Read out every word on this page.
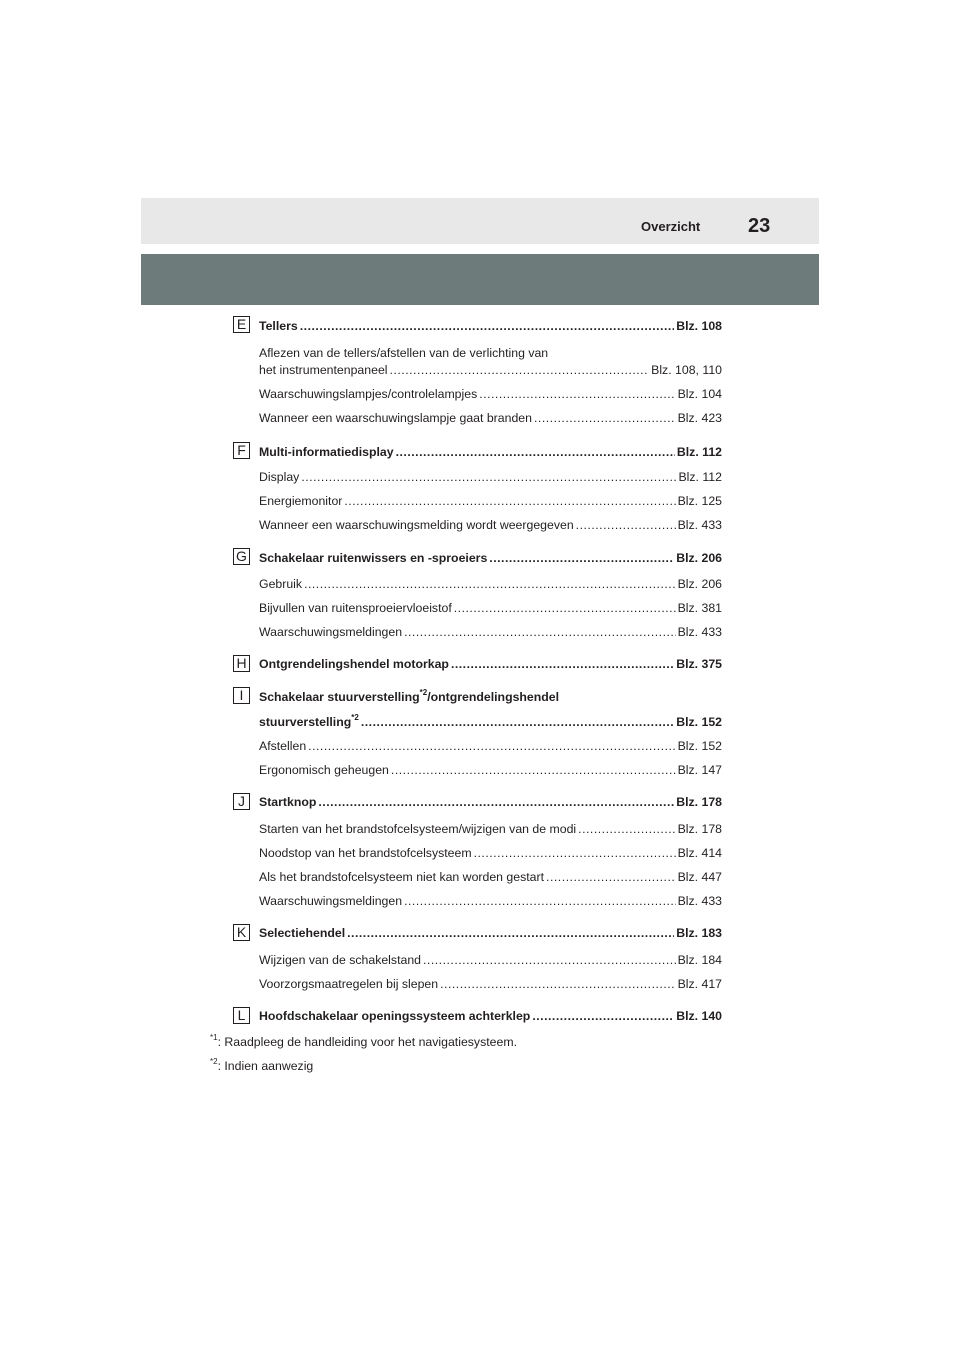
Overzicht 23
E	Tellers .....	Blz. 108
Aflezen van de tellers/afstellen van de verlichting van
het instrumentenpaneel .....	Blz. 108, 110
Waarschuwingslampjes/controlelampjes .....	Blz. 104
Wanneer een waarschuwingslampje gaat branden .....	Blz. 423
F	Multi-informatiedisplay .....	Blz. 112
Display .....	Blz. 112
Energiemonitor .....	Blz. 125
Wanneer een waarschuwingsmelding wordt weergegeven .....	Blz. 433
G Schakelaar ruitenwissers en -sproeiers .....	Blz. 206
Gebruik .....	Blz. 206
Bijvullen van ruitensproeiervloeistof .....	Blz. 381
Waarschuwingsmeldingen .....	Blz. 433
H Ontgrendelingshendel motorkap .....	Blz. 375
I	Schakelaar stuurverstelling$^{*2}$/ontgrendelingshendel
stuurverstelling$^{*2}$ .....	Blz. 152
Afstellen .....	Blz. 152
Ergonomisch geheugen .....	Blz. 147
J	Startknop .....	Blz. 178
Starten van het brandstofcelsysteem/wijzigen van de modi .....	Blz. 178
Noodstop van het brandstofcelsysteem .....	Blz. 414
Als het brandstofcelsysteem niet kan worden gestart .....	Blz. 447
Waarschuwingsmeldingen .....	Blz. 433
K	Selectiehendel .....	Blz. 183
Wijzigen van de schakelstand .....	Blz. 184
Voorzorgsmaatregelen bij slepen .....	Blz. 417
L	Hoofdschakelaar openingssysteem achterklep .....	Blz. 140
$^{*1}$: Raadpleeg de handleiding voor het navigatiesysteem.
$^{*2}$: Indien aanwezig
